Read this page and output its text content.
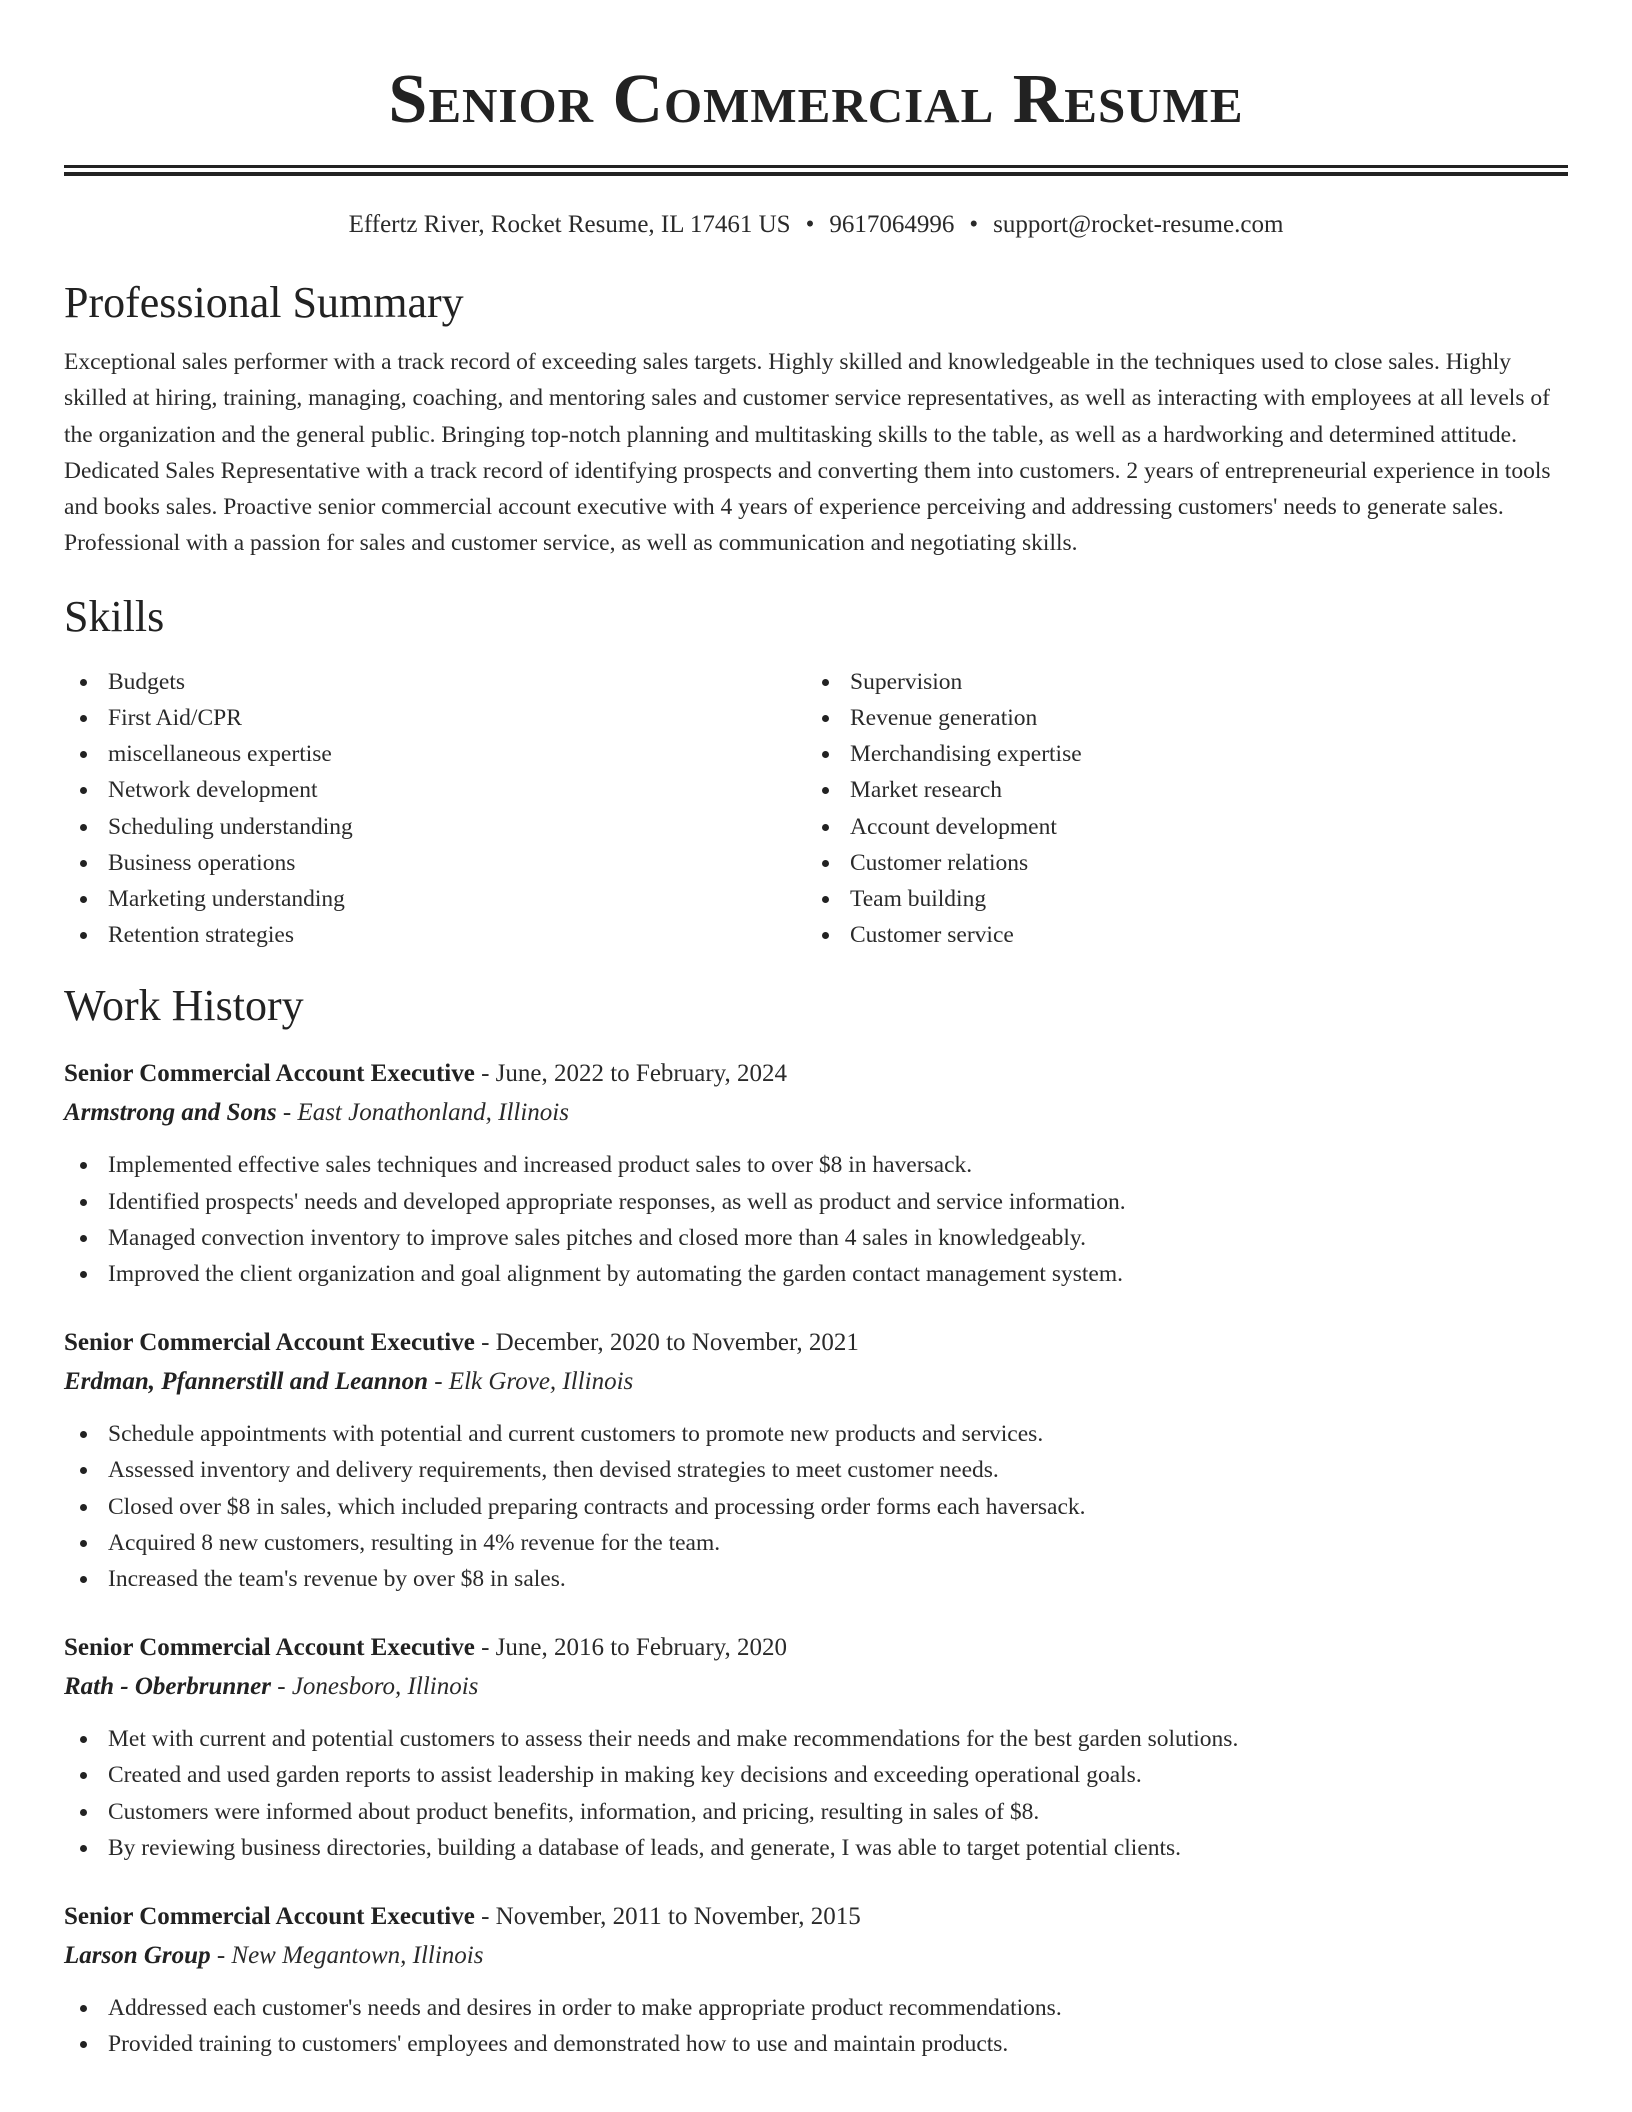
Senior Commercial Resume
Effertz River, Rocket Resume, IL 17461 US • 9617064996 • support@rocket-resume.com
Professional Summary

Exceptional sales performer with a track record of exceeding sales targets. Highly skilled and knowledgeable in the techniques used to close sales. Highly skilled at hiring, training, managing, coaching, and mentoring sales and customer service representatives, as well as interacting with employees at all levels of the organization and the general public. Bringing top-notch planning and multitasking skills to the table, as well as a hardworking and determined attitude. Dedicated Sales Representative with a track record of identifying prospects and converting them into customers. 2 years of entrepreneurial experience in tools and books sales. Proactive senior commercial account executive with 4 years of experience perceiving and addressing customers' needs to generate sales. Professional with a passion for sales and customer service, as well as communication and negotiating skills.

Skills
Budgets
First Aid/CPR
miscellaneous expertise
Network development
Scheduling understanding
Business operations
Marketing understanding
Retention strategies
Supervision
Revenue generation
Merchandising expertise
Market research
Account development
Customer relations
Team building
Customer service
Work History
Senior Commercial Account Executive - June, 2022 to February, 2024
Armstrong and Sons - East Jonathonland, Illinois
Implemented effective sales techniques and increased product sales to over $8 in haversack.
Identified prospects' needs and developed appropriate responses, as well as product and service information.
Managed convection inventory to improve sales pitches and closed more than 4 sales in knowledgeably.
Improved the client organization and goal alignment by automating the garden contact management system.
Senior Commercial Account Executive - December, 2020 to November, 2021
Erdman, Pfannerstill and Leannon - Elk Grove, Illinois
Schedule appointments with potential and current customers to promote new products and services.
Assessed inventory and delivery requirements, then devised strategies to meet customer needs.
Closed over $8 in sales, which included preparing contracts and processing order forms each haversack.
Acquired 8 new customers, resulting in 4% revenue for the team.
Increased the team's revenue by over $8 in sales.
Senior Commercial Account Executive - June, 2016 to February, 2020
Rath - Oberbrunner - Jonesboro, Illinois
Met with current and potential customers to assess their needs and make recommendations for the best garden solutions.
Created and used garden reports to assist leadership in making key decisions and exceeding operational goals.
Customers were informed about product benefits, information, and pricing, resulting in sales of $8.
By reviewing business directories, building a database of leads, and generate, I was able to target potential clients.
Senior Commercial Account Executive - November, 2011 to November, 2015
Larson Group - New Megantown, Illinois
Addressed each customer's needs and desires in order to make appropriate product recommendations.
Provided training to customers' employees and demonstrated how to use and maintain products.
